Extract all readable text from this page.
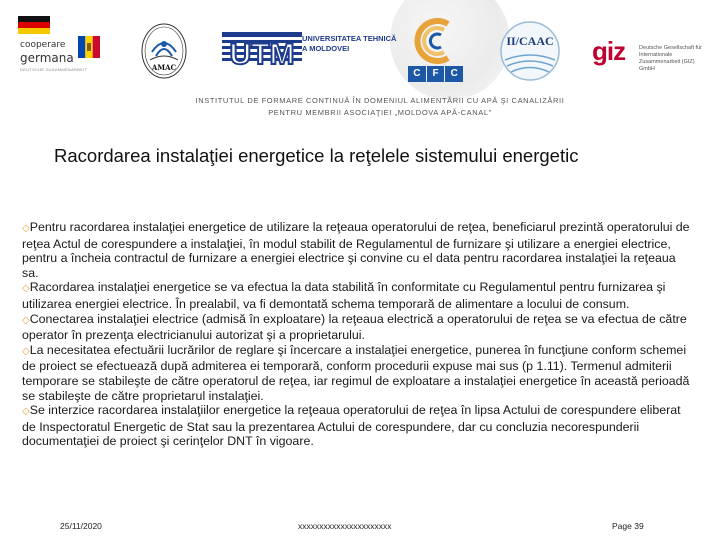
cooperare
germana
DEUTSCHE ZUSAMMENARBEIT	AMAC UTM UNIVERSITATEA TEHNICĂ
A MOLDOVEI
C	F	C
II/CAAC	giz	Deutsche Gesellschaft für Internationale Zusammenarbeit (GIZ) GmbH
INSTITUTUL DE FORMARE CONTINUĂ ÎN DOMENIUL ALIMENTĂRII CU APĂ ŞI CANALIZĂRII
PENTRU MEMBRII ASOCIAŢIEI „MOLDOVA APĂ-CANAL”
Racordarea instalaţiei energetice la reţelele sistemului energetic

◇Pentru racordarea instalaţiei energetice de utilizare la reţeaua operatorului de reţea, beneficiarul prezintă operatorului de reţea Actul de corespundere a instalaţiei, în modul stabilit de Regulamentul de furnizare şi utilizare a energiei electrice, pentru a încheia contractul de furnizare a energiei electrice şi convine cu el data pentru racordarea instalaţiei la reţeaua sa.

◇Racordarea instalaţiei energetice se va efectua la data stabilită în conformitate cu Regulamentul pentru furnizarea şi utilizarea energiei electrice. În prealabil, va fi demontată schema temporară de alimentare a locului de consum.

◇Conectarea instalaţiei electrice (admisă în exploatare) la reţeaua electrică a operatorului de reţea se va efectua de către operator în prezenţa electricianului autorizat şi a proprietarului.

◇La necesitatea efectuării lucrărilor de reglare şi încercare a instalaţiei energetice, punerea în funcţiune conform schemei de proiect se efectuează după admiterea ei temporară, conform procedurii expuse mai sus (p 1.11). Termenul admiterii temporare se stabileşte de către operatorul de reţea, iar regimul de exploatare a instalaţiei energetice în această perioadă se stabileşte de către proprietarul instalaţiei.

◇Se interzice racordarea instalaţiilor energetice la reţeaua operatorului de reţea în lipsa Actului de corespundere eliberat de Inspectoratul Energetic de Stat sau la prezentarea Actului de corespundere, dar cu concluzia necorespunderii documentaţiei de proiect şi cerinţelor DNT în vigoare.

25/11/2020	xxxxxxxxxxxxxxxxxxxxxx	Page 39
